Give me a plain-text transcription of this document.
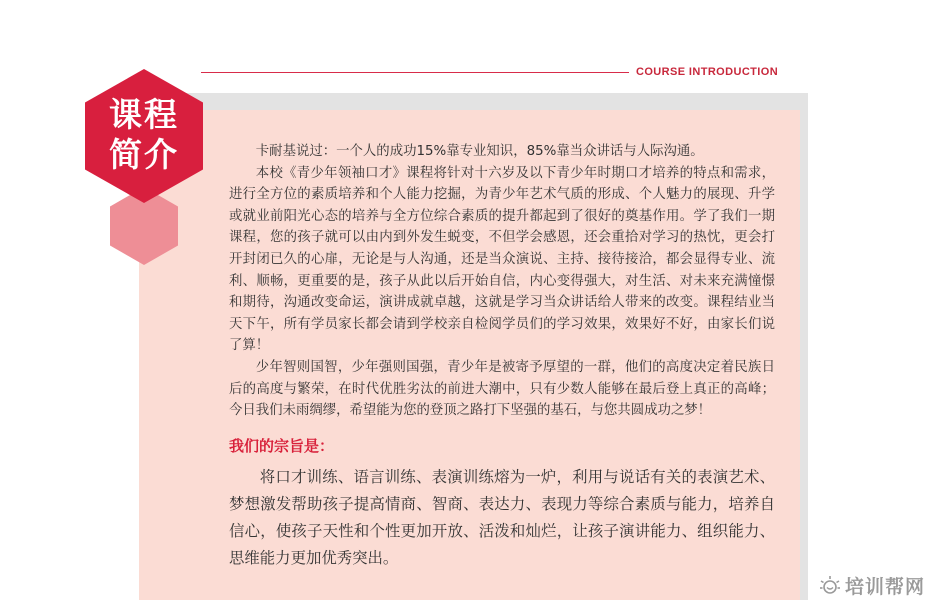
COURSE INTRODUCTION
课程
简介	卡耐基说过：一个人的成功15%靠专业知识，85%靠当众讲话与人际沟通。

本校《青少年领袖口才》课程将针对十六岁及以下青少年时期口才培养的特点和需求，进行全方位的素质培养和个人能力挖掘，为青少年艺术气质的形成、个人魅力的展现、升学或就业前阳光心态的培养与全方位综合素质的提升都起到了很好的奠基作用。学了我们一期课程，您的孩子就可以由内到外发生蜕变，不但学会感恩，还会重拾对学习的热忱，更会打开封闭已久的心扉，无论是与人沟通，还是当众演说、主持、接待接洽，都会显得专业、流利、顺畅，更重要的是，孩子从此以后开始自信，内心变得强大，对生活、对未来充满憧憬和期待，沟通改变命运，演讲成就卓越，这就是学习当众讲话给人带来的改变。课程结业当天下午，所有学员家长都会请到学校亲自检阅学员们的学习效果，效果好不好，由家长们说了算！

少年智则国智，少年强则国强，青少年是被寄予厚望的一群，他们的高度决定着民族日后的高度与繁荣，在时代优胜劣汰的前进大潮中，只有少数人能够在最后登上真正的高峰；今日我们未雨绸缪，希望能为您的登顶之路打下坚强的基石，与您共圆成功之梦！

我们的宗旨是：

将口才训练、语言训练、表演训练熔为一炉，利用与说话有关的表演艺术、梦想激发帮助孩子提高情商、智商、表达力、表现力等综合素质与能力，培养自信心，使孩子天性和个性更加开放、活泼和灿烂，让孩子演讲能力、组织能力、思维能力更加优秀突出。

培训帮网
